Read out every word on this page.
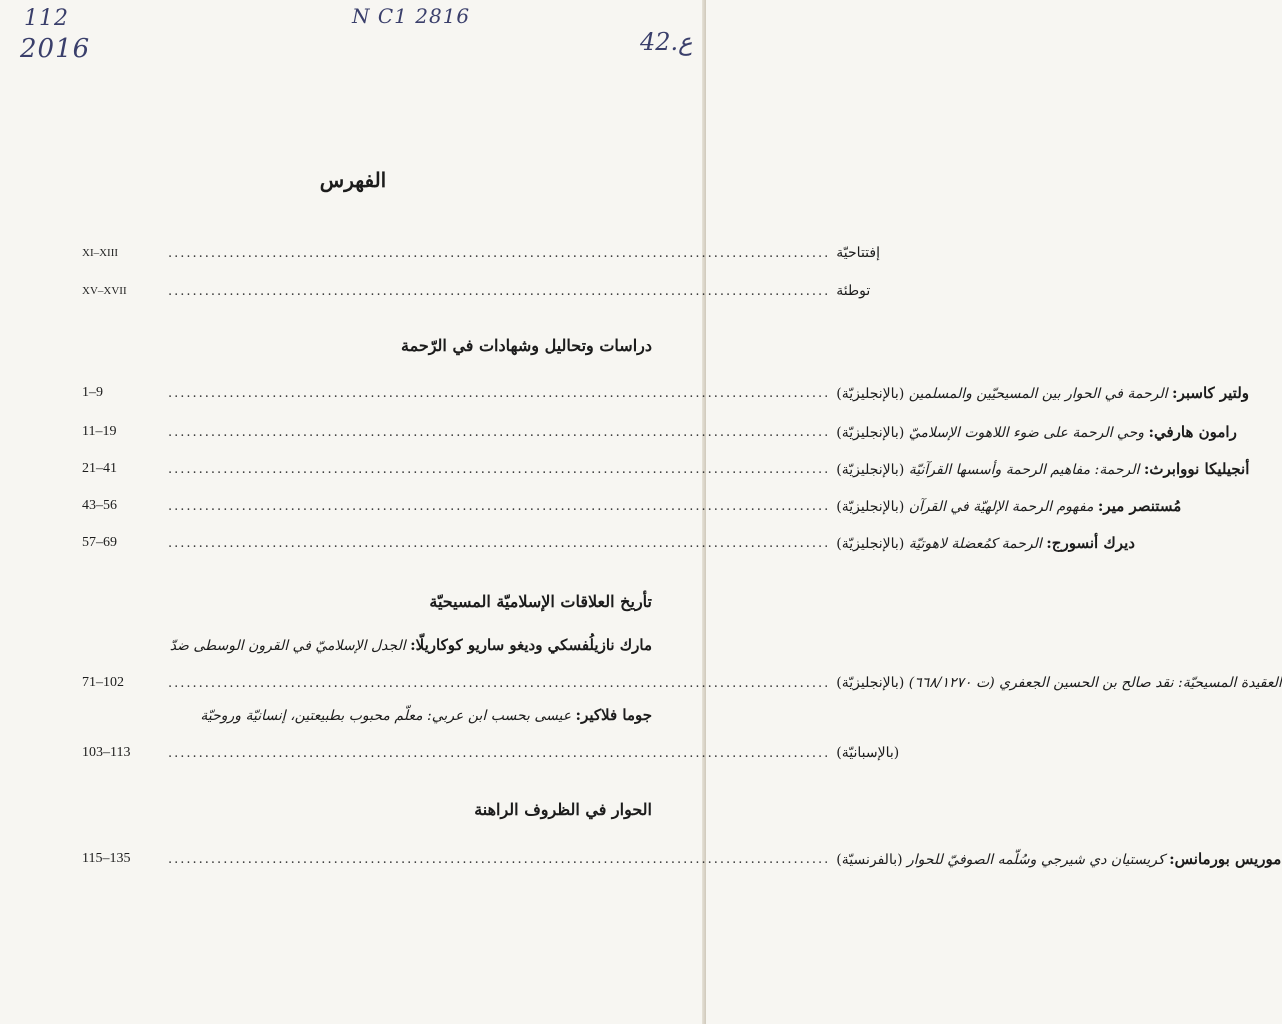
112
2016
N C1 2816
42.ع
الفهرس
XI–XIII	............................................................................................................ إفتتاحيّة
XV–XVII	............................................................................................................ توطئة
دراسات وتحاليل وشهادات في الرّحمة
1–9	............................................................................................................	ولتير كاسبر: الرحمة في الحوار بين المسيحيّين والمسلمين (بالإنجليزيّة)
11–19	............................................................................................................	رامون هارفي: وحي الرحمة على ضوء اللاهوت الإسلاميّ (بالإنجليزيّة)
21–41	............................................................................................................	أنجيليكا نووابرث: الرحمة: مفاهيم الرحمة وأسسها القرآنيّة (بالإنجليزيّة)
43–56	............................................................................................................	مُستنصر مير: مفهوم الرحمة الإلهيّة في القرآن (بالإنجليزيّة)
57–69	............................................................................................................	ديرك أنسورج: الرحمة كمُعضلة لاهوتيّة (بالإنجليزيّة)
تأريخ العلاقات الإسلاميّة المسيحيّة
مارك نازيلُفسكي وديغو ساريو كوكاريلّا: الجدل الإسلاميّ في القرون الوسطى ضدّ
71–102	............................................................................................................	العقيدة المسيحيّة: نقد صالح بن الحسين الجعفري (ت ٦٦٨/١٢٧٠) (بالإنجليزيّة)
جوما فلاكير: عيسى بحسب ابن عربي: معلّم محبوب بطبيعتين، إنسانيّة وروحيّة
103–113	............................................................................................................ (بالإسبانيّة)
الحوار في الظروف الراهنة
115–135	............................................................................................................	موريس بورمانس: كريستيان دي شيرجي وسُلّمه الصوفيّ للحوار (بالفرنسيّة)
